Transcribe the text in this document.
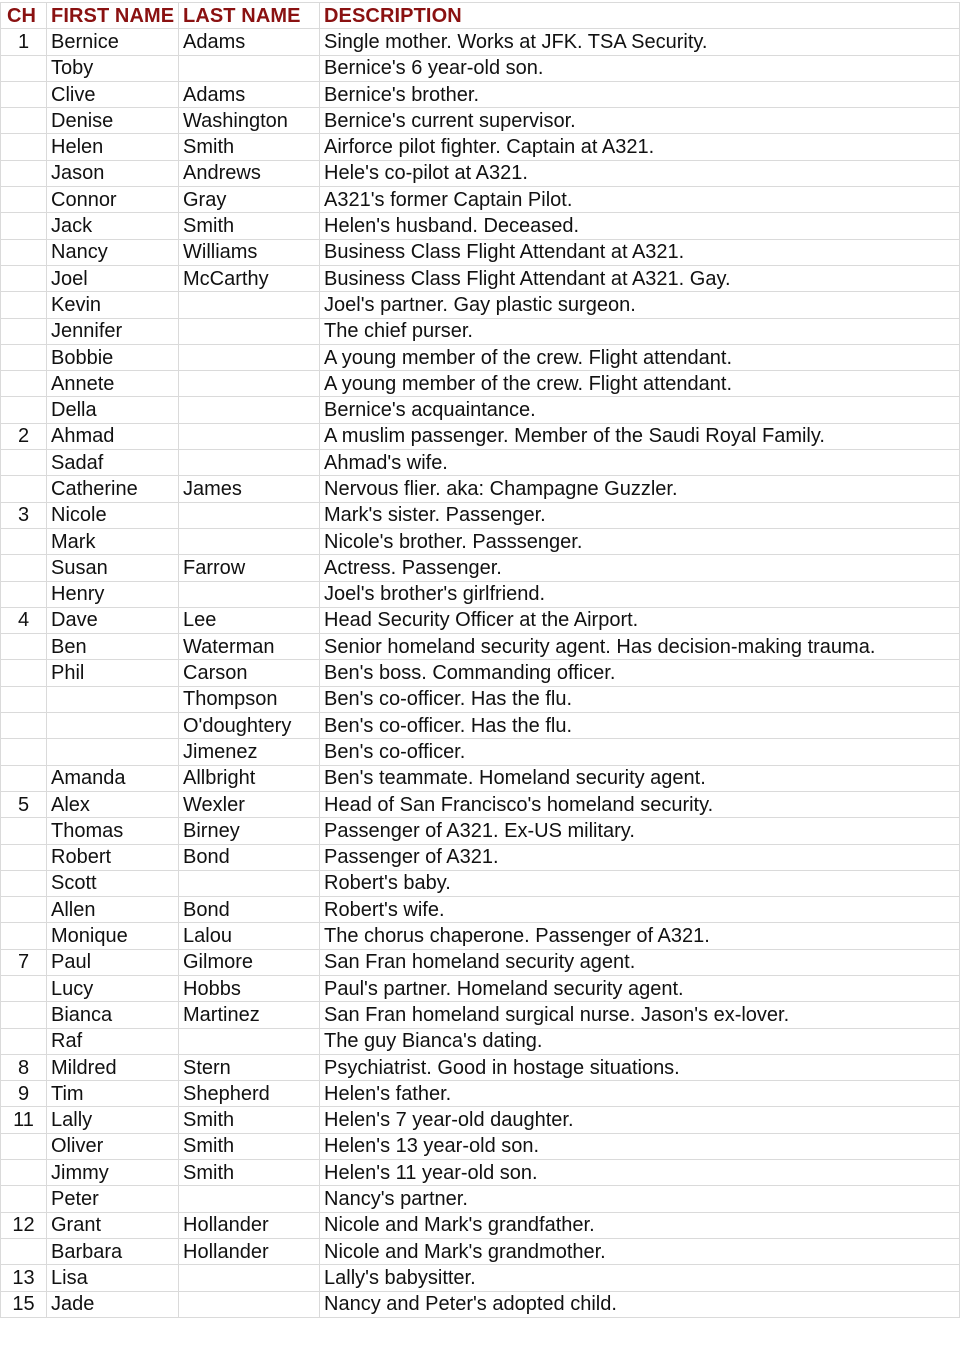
CH	FIRST NAME	LAST NAME	DESCRIPTION
1	Bernice	Adams	Single mother. Works at JFK. TSA Security.
	Toby		Bernice's 6 year-old son.
	Clive	Adams	Bernice's brother.
	Denise	Washington	Bernice's current supervisor.
	Helen	Smith	Airforce pilot fighter. Captain at A321.
	Jason	Andrews	Hele's co-pilot at A321.
	Connor	Gray	A321's former Captain Pilot.
	Jack	Smith	Helen's husband. Deceased.
	Nancy	Williams	Business Class Flight Attendant at A321.
	Joel	McCarthy	Business Class Flight Attendant at A321. Gay.
	Kevin		Joel's partner. Gay plastic surgeon.
	Jennifer		The chief purser.
	Bobbie		A young member of the crew. Flight attendant.
	Annete		A young member of the crew. Flight attendant.
	Della		Bernice's acquaintance.
2	Ahmad		A muslim passenger. Member of the Saudi Royal Family.
	Sadaf		Ahmad's wife.
	Catherine	James	Nervous flier. aka: Champagne Guzzler.
3	Nicole		Mark's sister. Passenger.
	Mark		Nicole's brother. Passsenger.
	Susan	Farrow	Actress. Passenger.
	Henry		Joel's brother's girlfriend.
4	Dave	Lee	Head Security Officer at the Airport.
	Ben	Waterman	Senior homeland security agent. Has decision-making trauma.
	Phil	Carson	Ben's boss. Commanding officer.
		Thompson	Ben's co-officer. Has the flu.
		O'doughtery	Ben's co-officer. Has the flu.
		Jimenez	Ben's co-officer.
	Amanda	Allbright	Ben's teammate. Homeland security agent.
5	Alex	Wexler	Head of San Francisco's homeland security.
	Thomas	Birney	Passenger of A321. Ex-US military.
	Robert	Bond	Passenger of A321.
	Scott		Robert's baby.
	Allen	Bond	Robert's wife.
	Monique	Lalou	The chorus chaperone. Passenger of A321.
7	Paul	Gilmore	San Fran homeland security agent.
	Lucy	Hobbs	Paul's partner. Homeland security agent.
	Bianca	Martinez	San Fran homeland surgical nurse. Jason's ex-lover.
	Raf		The guy Bianca's dating.
8	Mildred	Stern	Psychiatrist. Good in hostage situations.
9	Tim	Shepherd	Helen's father.
11	Lally	Smith	Helen's 7 year-old daughter.
	Oliver	Smith	Helen's 13 year-old son.
	Jimmy	Smith	Helen's 11 year-old son.
	Peter		Nancy's partner.
12	Grant	Hollander	Nicole and Mark's grandfather.
	Barbara	Hollander	Nicole and Mark's grandmother.
13	Lisa		Lally's babysitter.
15	Jade		Nancy and Peter's adopted child.
